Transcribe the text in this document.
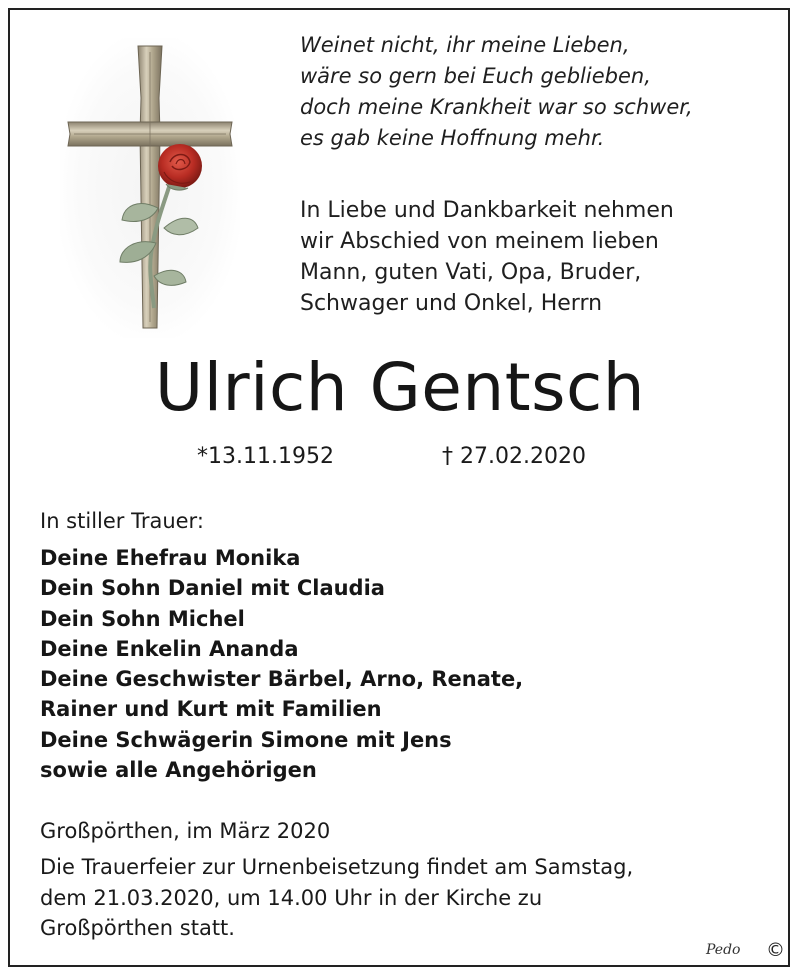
Weinet nicht, ihr meine Lieben,
wäre so gern bei Euch geblieben,
doch meine Krankheit war so schwer,
es gab keine Hoffnung mehr.
In Liebe und Dankbarkeit nehmen
wir Abschied von meinem lieben
Mann, guten Vati, Opa, Bruder,
Schwager und Onkel, Herrn
Ulrich Gentsch
*13.11.1952	† 27.02.2020
In stiller Trauer:
Deine Ehefrau Monika
Dein Sohn Daniel mit Claudia
Dein Sohn Michel
Deine Enkelin Ananda
Deine Geschwister Bärbel, Arno, Renate,
Rainer und Kurt mit Familien
Deine Schwägerin Simone mit Jens
sowie alle Angehörigen
Großpörthen, im März 2020
Die Trauerfeier zur Urnenbeisetzung findet am Samstag,
dem 21.03.2020, um 14.00 Uhr in der Kirche zu
Großpörthen statt.
Pedo ©
